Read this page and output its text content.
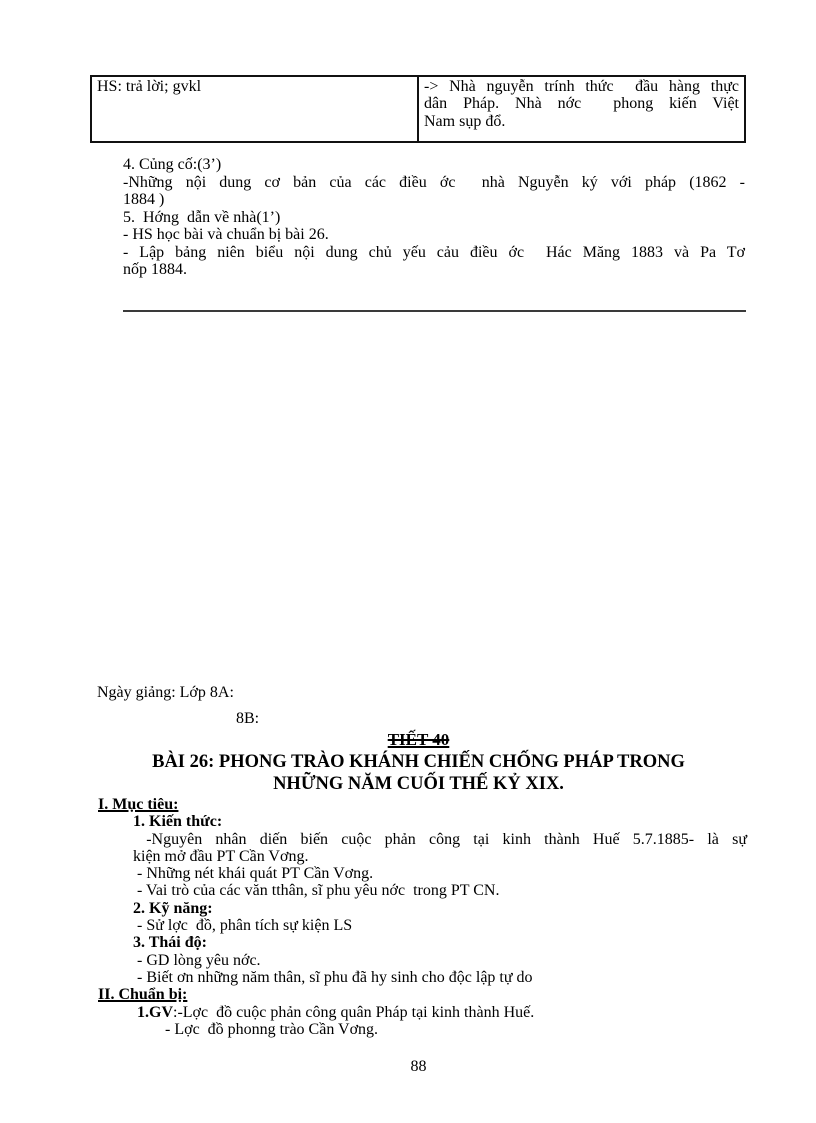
HS: trả lời; gvkl	-> Nhà nguyễn trính thức  đầu hàng thực
dân Pháp. Nhà nớc  phong kiến Việt
Nam sụp đổ.
4. Củng cố:(3’)
-Những nội dung cơ bản của các điều ớc  nhà Nguyễn ký với pháp (1862 -
1884 )
5.  Hớng  dẫn về nhà(1’)
- HS học bài và chuẩn bị bài 26.
- Lập bảng niên biểu nội dung chủ yếu cảu điều ớc  Hác Măng 1883 và Pa Tơ
nốp 1884.
Ngày giảng: Lớp 8A:
8B:
TIẾT 40
BÀI 26: PHONG TRÀO KHÁNH CHIẾN CHỐNG PHÁP TRONG
NHỮNG NĂM CUỐI THẾ KỶ XIX.
I. Mục tiêu:
1. Kiến thức:
-Nguyên nhân diến biến cuộc phản công tại kinh thành Huế 5.7.1885- là sự
kiện mở đầu PT Cần Vơng.
- Những nét khái quát PT Cần Vơng.
- Vai trò của các văn tthân, sĩ phu yêu nớc  trong PT CN.
2. Kỹ năng:
- Sử lợc  đồ, phân tích sự kiện LS
3. Thái độ:
- GD lòng yêu nớc.
- Biết ơn những năm thân, sĩ phu đã hy sinh cho độc lập tự do
II. Chuẩn bị:
1.GV:-Lợc  đồ cuộc phản công quân Pháp tại kinh thành Huế.
- Lợc  đồ phonng trào Cần Vơng.
88
